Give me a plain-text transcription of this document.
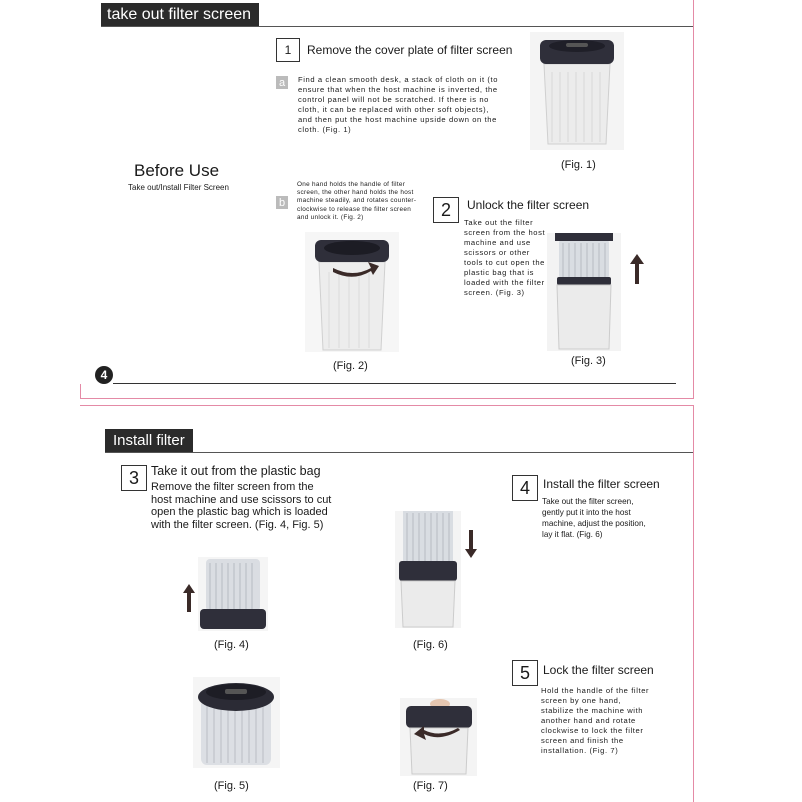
take out filter screen
Before Use
Take out/Install Filter Screen
1 Remove the cover plate of filter screen
a Find a clean smooth desk, a stack of cloth on it (to ensure that when the host machine is inverted, the control panel will not be scratched. If there is no cloth, it can be replaced with other soft objects), and then put the host machine upside down on the cloth. (Fig. 1)
b
One hand holds the handle of filter screen, the other hand holds the host machine steadily, and rotates counter-clockwise to release the filter screen and unlock it. (Fig. 2)
(Fig. 1)
(Fig. 2)
2 Unlock the filter screen
Take out the filter screen from the host machine and use scissors or other tools to cut open the plastic bag that is loaded with the filter screen. (Fig. 3)
(Fig. 3)
4
Install filter
3 Take it out from the plastic bag
Remove the filter screen from the host machine and use scissors to cut open the plastic bag which is loaded with the filter screen. (Fig. 4, Fig. 5)
(Fig. 4)	(Fig. 6)
4 Install the filter screen
Take out the filter screen, gently put it into the host machine, adjust the position, lay it flat. (Fig. 6)
(Fig. 5)	(Fig. 7)
5 Lock the filter screen
Hold the handle of the filter screen by one hand, stabilize the machine with another hand and rotate clockwise to lock the filter screen and finish the installation. (Fig. 7)
